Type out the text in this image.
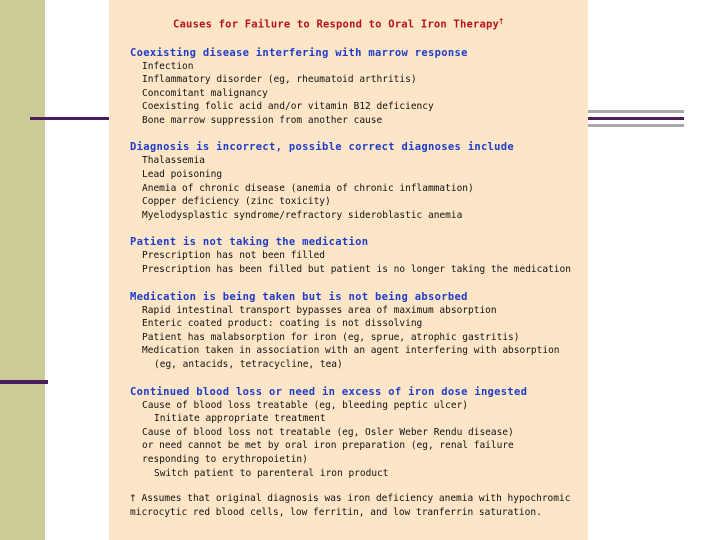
Causes for Failure to Respond to Oral Iron Therapy†
Coexisting disease interfering with marrow response
Infection
Inflammatory disorder (eg, rheumatoid arthritis)
Concomitant malignancy
Coexisting folic acid and/or vitamin B12 deficiency
Bone marrow suppression from another cause
Diagnosis is incorrect, possible correct diagnoses include
Thalassemia
Lead poisoning
Anemia of chronic disease (anemia of chronic inflammation)
Copper deficiency (zinc toxicity)
Myelodysplastic syndrome/refractory sideroblastic anemia
Patient is not taking the medication
Prescription has not been filled
Prescription has been filled but patient is no longer taking the medication
Medication is being taken but is not being absorbed
Rapid intestinal transport bypasses area of maximum absorption
Enteric coated product: coating is not dissolving
Patient has malabsorption for iron (eg, sprue, atrophic gastritis)
Medication taken in association with an agent interfering with absorption
(eg, antacids, tetracycline, tea)
Continued blood loss or need in excess of iron dose ingested
Cause of blood loss treatable (eg, bleeding peptic ulcer)
Initiate appropriate treatment
Cause of blood loss not treatable (eg, Osler Weber Rendu disease)
or need cannot be met by oral iron preparation (eg, renal failure
responding to erythropoietin)
Switch patient to parenteral iron product
† Assumes that original diagnosis was iron deficiency anemia with hypochromic
microcytic red blood cells, low ferritin, and low tranferrin saturation.
